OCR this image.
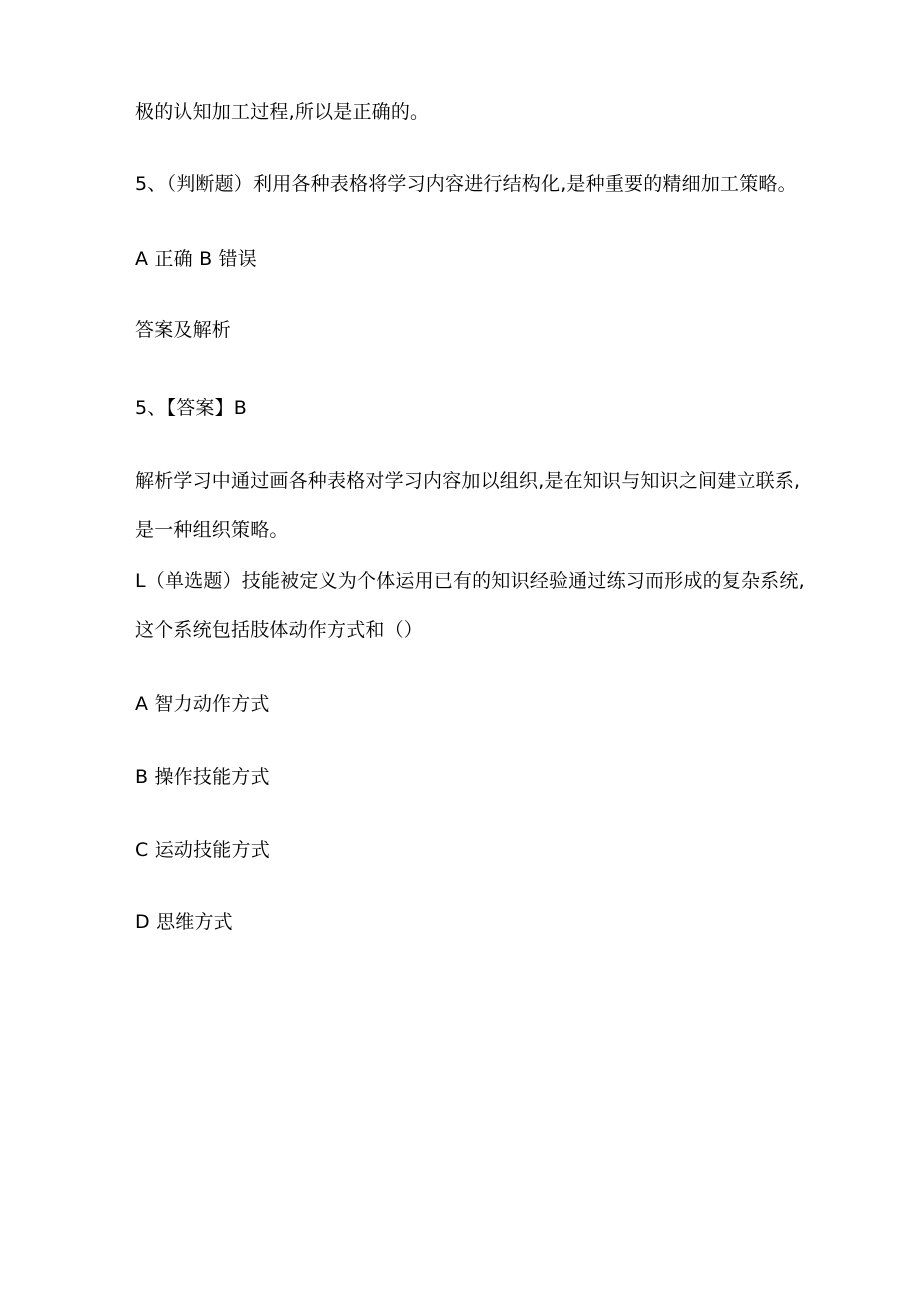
极的认知加工过程,所以是正确的。
5、（判断题）利用各种表格将学习内容进行结构化,是种重要的精细加工策略。
A 正确 B 错误
答案及解析
5、【答案】B
解析学习中通过画各种表格对学习内容加以组织,是在知识与知识之间建立联系,
是一种组织策略。
L（单选题）技能被定义为个体运用已有的知识经验通过练习而形成的复杂系统,
这个系统包括肢体动作方式和（）
A 智力动作方式
B 操作技能方式
C 运动技能方式
D 思维方式
